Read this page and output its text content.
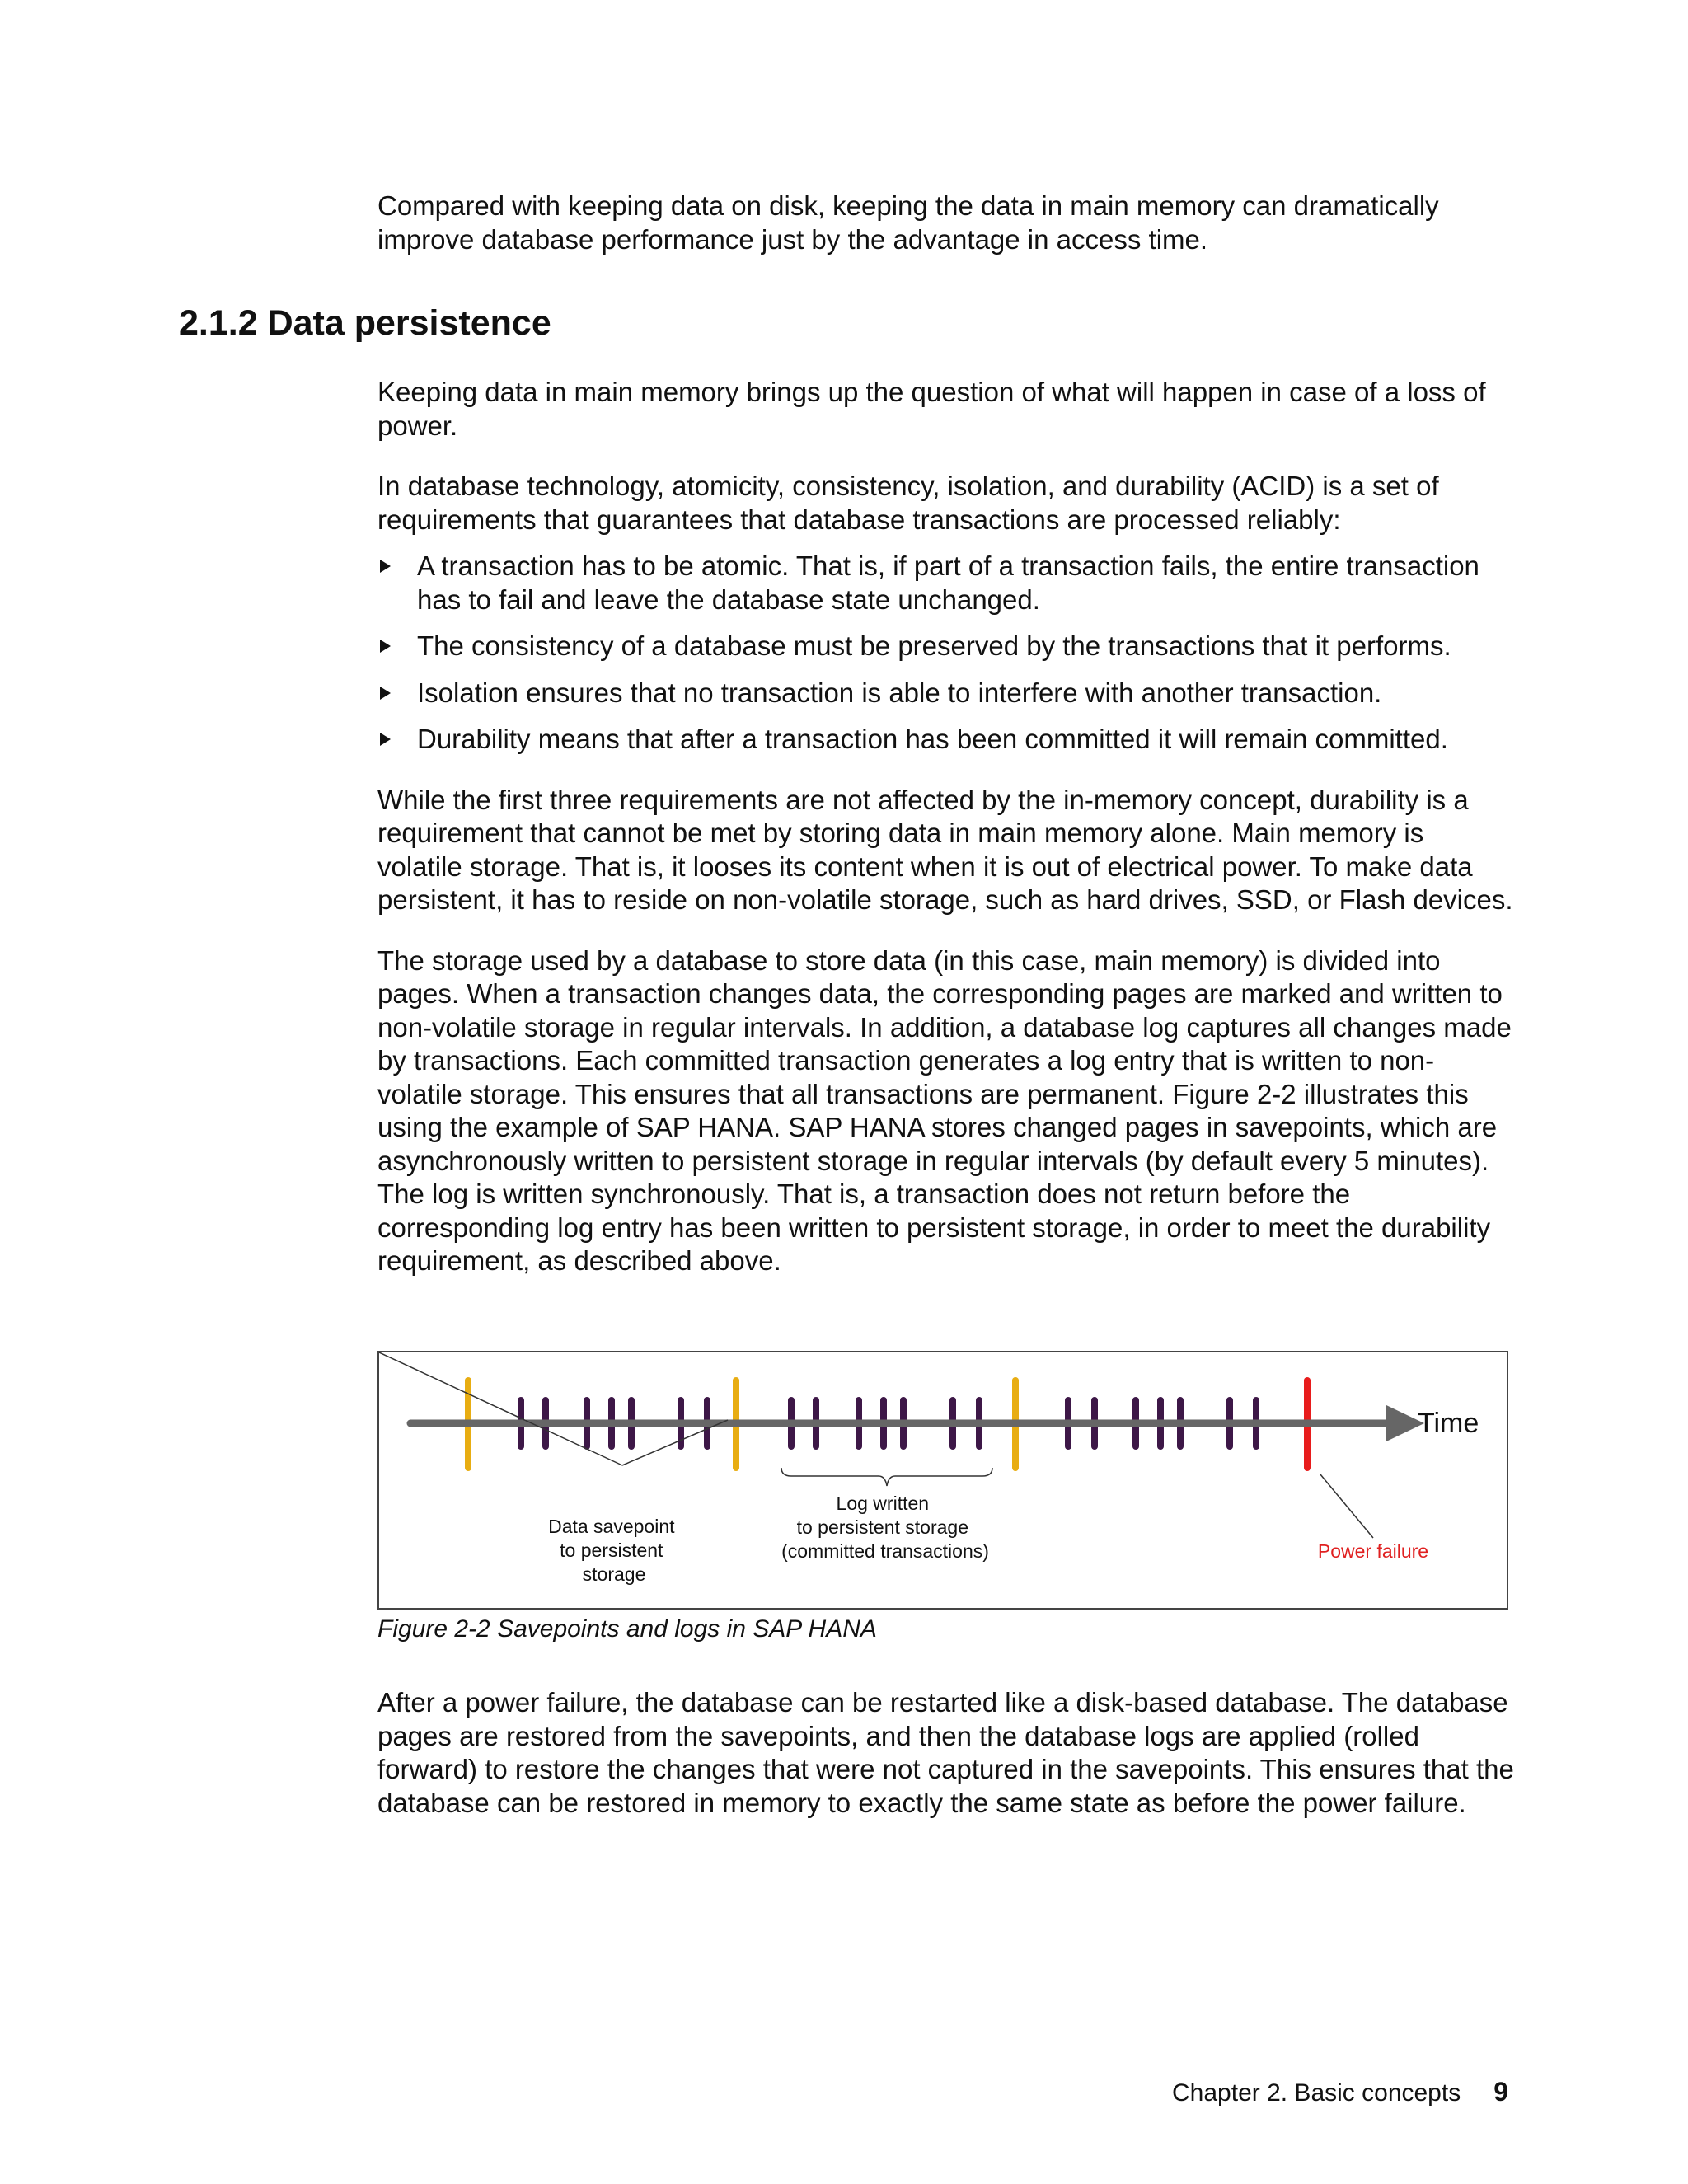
Compared with keeping data on disk, keeping the data in main memory can dramatically improve database performance just by the advantage in access time.

2.1.2 Data persistence

Keeping data in main memory brings up the question of what will happen in case of a loss of power.

In database technology, atomicity, consistency, isolation, and durability (ACID) is a set of requirements that guarantees that database transactions are processed reliably:

A transaction has to be atomic. That is, if part of a transaction fails, the entire transaction has to fail and leave the database state unchanged.
The consistency of a database must be preserved by the transactions that it performs.
Isolation ensures that no transaction is able to interfere with another transaction.
Durability means that after a transaction has been committed it will remain committed.

While the first three requirements are not affected by the in-memory concept, durability is a requirement that cannot be met by storing data in main memory alone. Main memory is volatile storage. That is, it looses its content when it is out of electrical power. To make data persistent, it has to reside on non-volatile storage, such as hard drives, SSD, or Flash devices.

The storage used by a database to store data (in this case, main memory) is divided into pages. When a transaction changes data, the corresponding pages are marked and written to non-volatile storage in regular intervals. In addition, a database log captures all changes made by transactions. Each committed transaction generates a log entry that is written to non-volatile storage. This ensures that all transactions are permanent. Figure 2-2 illustrates this using the example of SAP HANA. SAP HANA stores changed pages in savepoints, which are asynchronously written to persistent storage in regular intervals (by default every 5 minutes). The log is written synchronously. That is, a transaction does not return before the corresponding log entry has been written to persistent storage, in order to meet the durability requirement, as described above.

Time
Data savepoint to persistent storage
Log written to persistent storage (committed transactions)	Power failure

Figure 2-2 Savepoints and logs in SAP HANA

After a power failure, the database can be restarted like a disk-based database. The database pages are restored from the savepoints, and then the database logs are applied (rolled forward) to restore the changes that were not captured in the savepoints. This ensures that the database can be restored in memory to exactly the same state as before the power failure.

Chapter 2. Basic concepts 9
